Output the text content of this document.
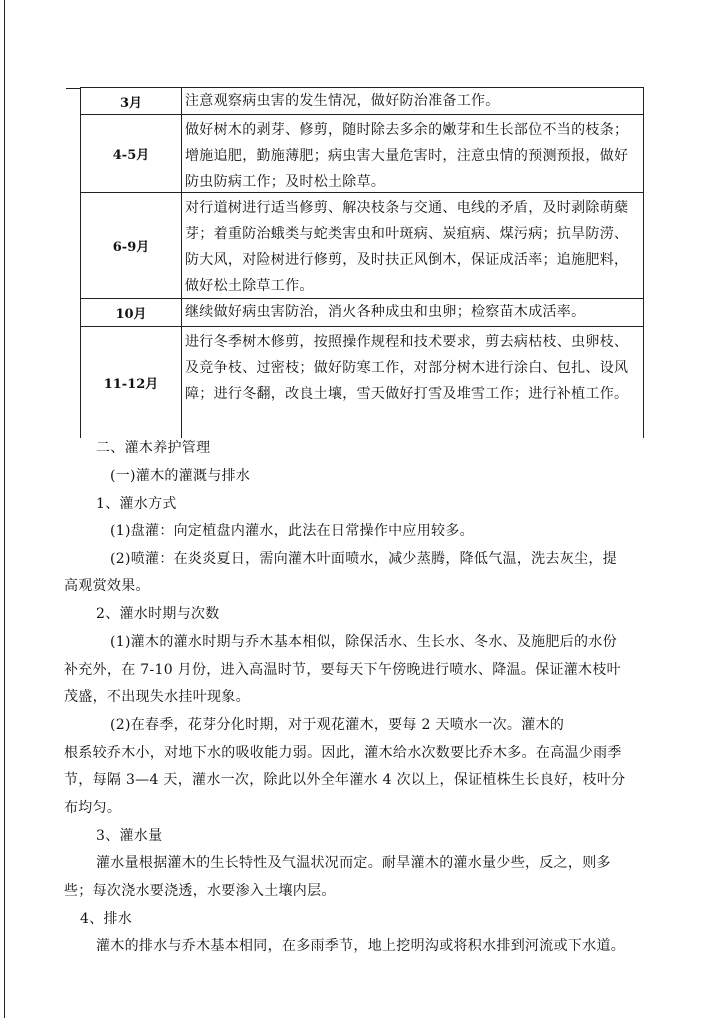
3月	注意观察病虫害的发生情况，做好防治准备工作。
4-5月
做好树木的剥芽、修剪，随时除去多余的嫩芽和生长部位不当的枝条；增施追肥，勤施薄肥；病虫害大量危害时，注意虫情的预测预报，做好防虫防病工作；及时松土除草。
6-9月
对行道树进行适当修剪、解决枝条与交通、电线的矛盾，及时剥除萌蘖芽；着重防治蛾类与蛇类害虫和叶斑病、炭疽病、煤污病；抗旱防涝、防大风，对险树进行修剪，及时扶正风倒木，保证成活率；追施肥料，做好松土除草工作。
10月	继续做好病虫害防治，消火各种成虫和虫卵；检察苗木成活率。
11-12月
进行冬季树木修剪，按照操作规程和技术要求，剪去病枯枝、虫卵枝、及竞争枝、过密枝；做好防寒工作，对部分树木进行涂白、包扎、设风障；进行冬翻，改良土壤，雪天做好打雪及堆雪工作；进行补植工作。
二、灌木养护管理
(一)灌木的灌溉与排水
1、灌水方式
(1)盘灌：向定植盘内灌水，此法在日常操作中应用较多。
(2)喷灌：在炎炎夏日，需向灌木叶面喷水，减少蒸腾，降低气温，洗去灰尘，提
高观赏效果。
2、灌水时期与次数
(1)灌木的灌水时期与乔木基本相似，除保活水、生长水、冬水、及施肥后的水份
补充外，在 7-10 月份，进入高温时节，要每天下午傍晚进行喷水、降温。保证灌木枝叶
茂盛，不出现失水挂叶现象。
(2)在春季，花芽分化时期，对于观花灌木，要每 2 天喷水一次。灌木的
根系较乔木小，对地下水的吸收能力弱。因此，灌木给水次数要比乔木多。在高温少雨季
节，每隔 3—4 天，灌水一次，除此以外全年灌水 4 次以上，保证植株生长良好，枝叶分
布均匀。
3、灌水量
灌水量根据灌木的生长特性及气温状况而定。耐旱灌木的灌水量少些，反之，则多
些；每次浇水要浇透，水要渗入土壤内层。
4、排水
灌木的排水与乔木基本相同，在多雨季节，地上挖明沟或将积水排到河流或下水道。
